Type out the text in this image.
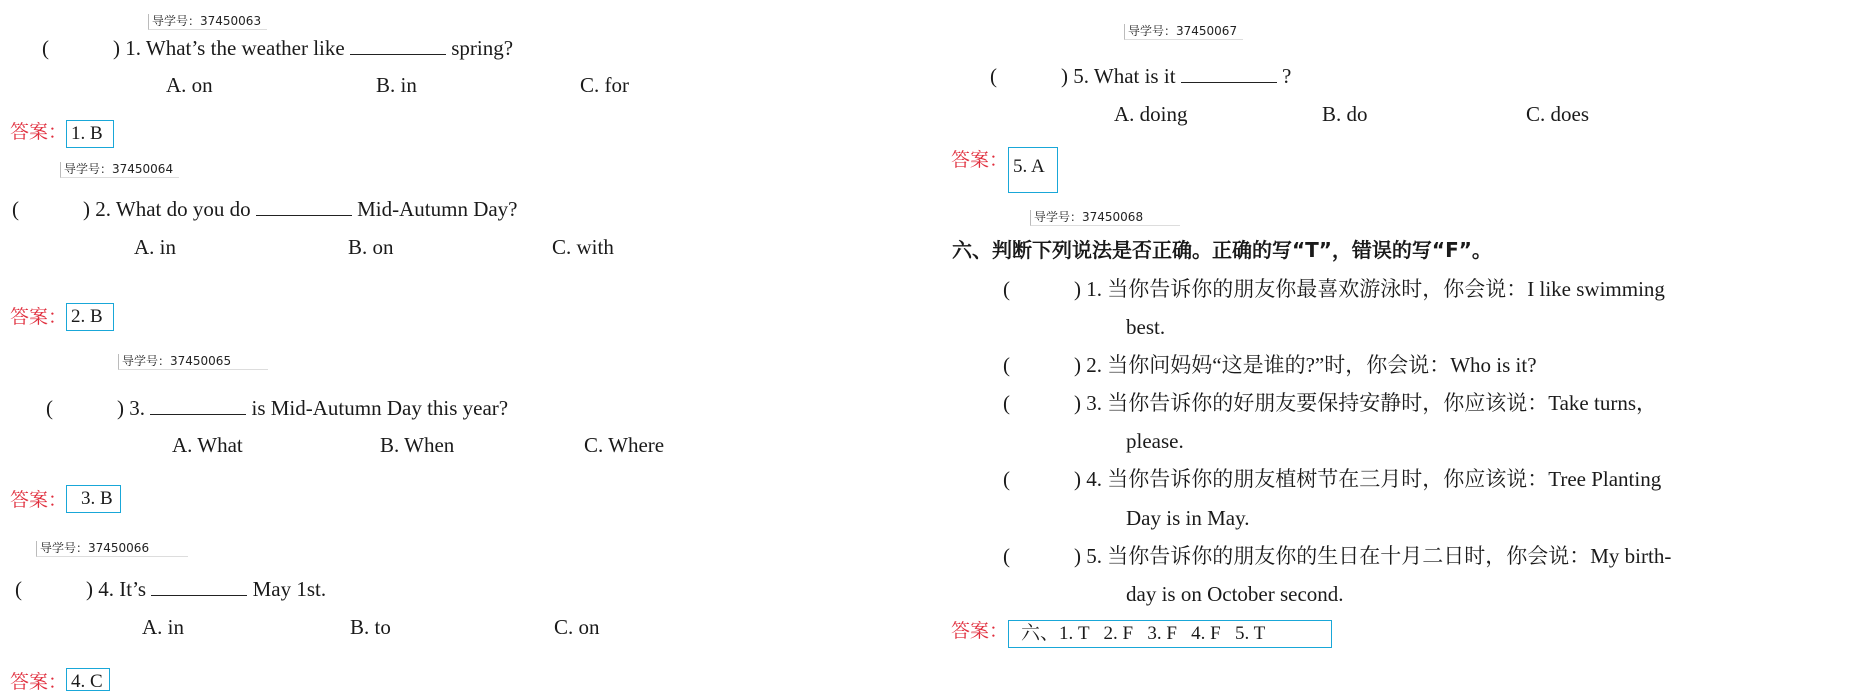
导学号：37450063
(	) 1. What’s the weather like	spring?
A. on	B. in	C. for
答案： 1. B
导学号：37450064
(	) 2. What do you do	Mid-Autumn Day?
A. in	B. on	C. with
答案： 2. B
导学号：37450065
(	) 3.	is Mid-Autumn Day this year?
A. What	B. When	C. Where
答案： 3. B
导学号：37450066
(	) 4. It’s	May 1st.
A. in	B. to	C. on
答案： 4. C
导学号：37450067
(	) 5. What is it	?
A. doing	B. do	C. does
答案： 5. A
导学号：37450068
六、判断下列说法是否正确。正确的写“T”，错误的写“F”。
(	) 1. 当你告诉你的朋友你最喜欢游泳时，你会说：I like swimming
best.
(	) 2. 当你问妈妈“这是谁的?”时，你会说：Who is it?
(	) 3. 当你告诉你的好朋友要保持安静时，你应该说：Take turns，
please.
(	) 4. 当你告诉你的朋友植树节在三月时，你应该说：Tree Planting
Day is in May.
(	) 5. 当你告诉你的朋友你的生日在十月二日时，你会说：My birth-
day is on October second.
答案： 六、1. T   2. F   3. F   4. F   5. T
